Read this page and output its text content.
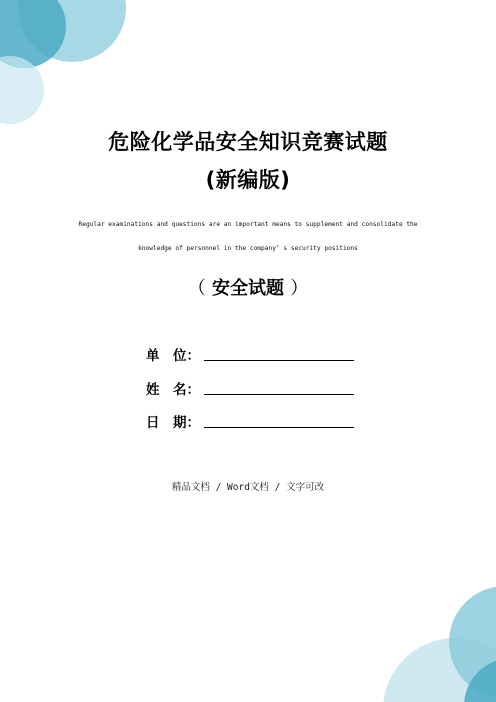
危险化学品安全知识竞赛试题
(新编版)
Regular examinations and questions are an important means to supplement and consolidate the
knowledge of personnel in the company’ s security positions
（ 安全试题 ）
单　位：
姓　名：
日　期：
精品文档 / Word文档 / 文字可改
